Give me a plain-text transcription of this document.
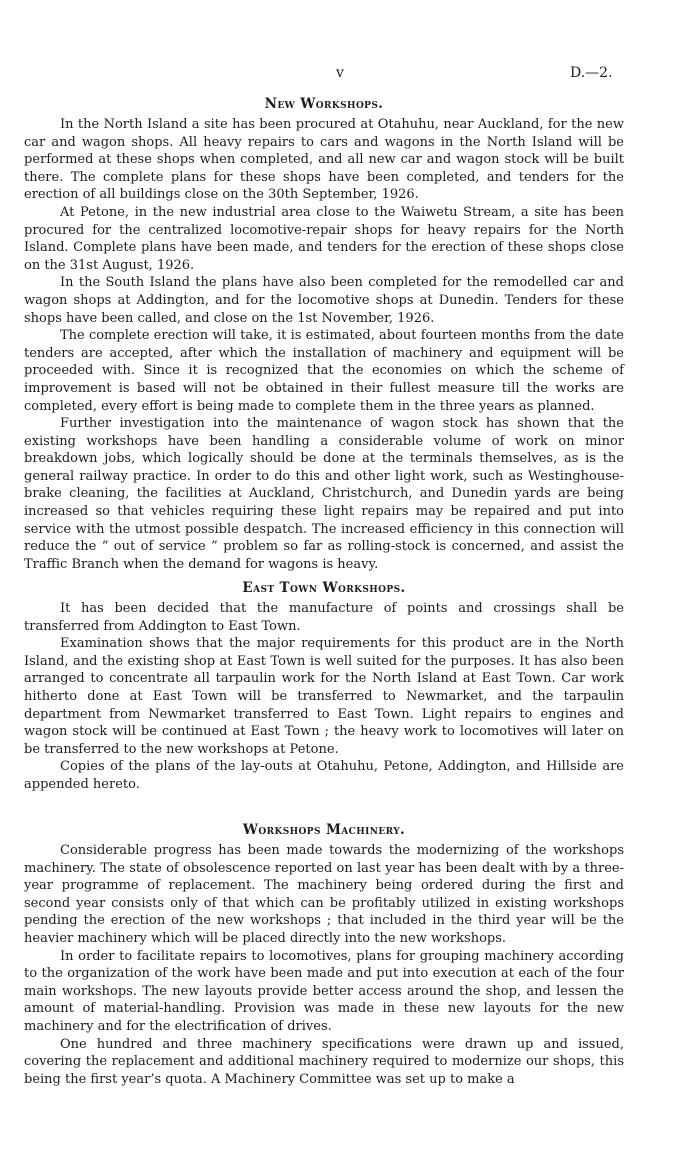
v	D.—2.
New Workshops.

In the North Island a site has been procured at Otahuhu, near Auckland, for the new car and wagon shops. All heavy repairs to cars and wagons in the North Island will be performed at these shops when completed, and all new car and wagon stock will be built there. The complete plans for these shops have been completed, and tenders for the erection of all buildings close on the 30th September, 1926.

At Petone, in the new industrial area close to the Waiwetu Stream, a site has been procured for the centralized locomotive-repair shops for heavy repairs for the North Island. Complete plans have been made, and tenders for the erection of these shops close on the 31st August, 1926.

In the South Island the plans have also been completed for the remodelled car and wagon shops at Addington, and for the locomotive shops at Dunedin. Tenders for these shops have been called, and close on the 1st November, 1926.

The complete erection will take, it is estimated, about fourteen months from the date tenders are accepted, after which the installation of machinery and equipment will be proceeded with. Since it is recognized that the economies on which the scheme of improvement is based will not be obtained in their fullest measure till the works are completed, every effort is being made to complete them in the three years as planned.

Further investigation into the maintenance of wagon stock has shown that the existing workshops have been handling a considerable volume of work on minor breakdown jobs, which logically should be done at the terminals themselves, as is the general railway practice. In order to do this and other light work, such as Westinghouse-brake cleaning, the facilities at Auckland, Christchurch, and Dunedin yards are being increased so that vehicles requiring these light repairs may be repaired and put into service with the utmost possible despatch. The increased efficiency in this connection will reduce the “ out of service ” problem so far as rolling-stock is concerned, and assist the Traffic Branch when the demand for wagons is heavy.

East Town Workshops.

It has been decided that the manufacture of points and crossings shall be transferred from Addington to East Town.

Examination shows that the major requirements for this product are in the North Island, and the existing shop at East Town is well suited for the purposes. It has also been arranged to concentrate all tarpaulin work for the North Island at East Town. Car work hitherto done at East Town will be transferred to Newmarket, and the tarpaulin department from Newmarket transferred to East Town. Light repairs to engines and wagon stock will be continued at East Town ; the heavy work to locomotives will later on be transferred to the new workshops at Petone.

Copies of the plans of the lay-outs at Otahuhu, Petone, Addington, and Hillside are appended hereto.

Workshops Machinery.

Considerable progress has been made towards the modernizing of the workshops machinery. The state of obsolescence reported on last year has been dealt with by a three-year programme of replacement. The machinery being ordered during the first and second year consists only of that which can be profitably utilized in existing workshops pending the erection of the new workshops ; that included in the third year will be the heavier machinery which will be placed directly into the new workshops.

In order to facilitate repairs to locomotives, plans for grouping machinery according to the organization of the work have been made and put into execution at each of the four main workshops. The new layouts provide better access around the shop, and lessen the amount of material-handling. Provision was made in these new layouts for the new machinery and for the electrification of drives.

One hundred and three machinery specifications were drawn up and issued, covering the replacement and additional machinery required to modernize our shops, this being the first year’s quota. A Machinery Committee was set up to make a
